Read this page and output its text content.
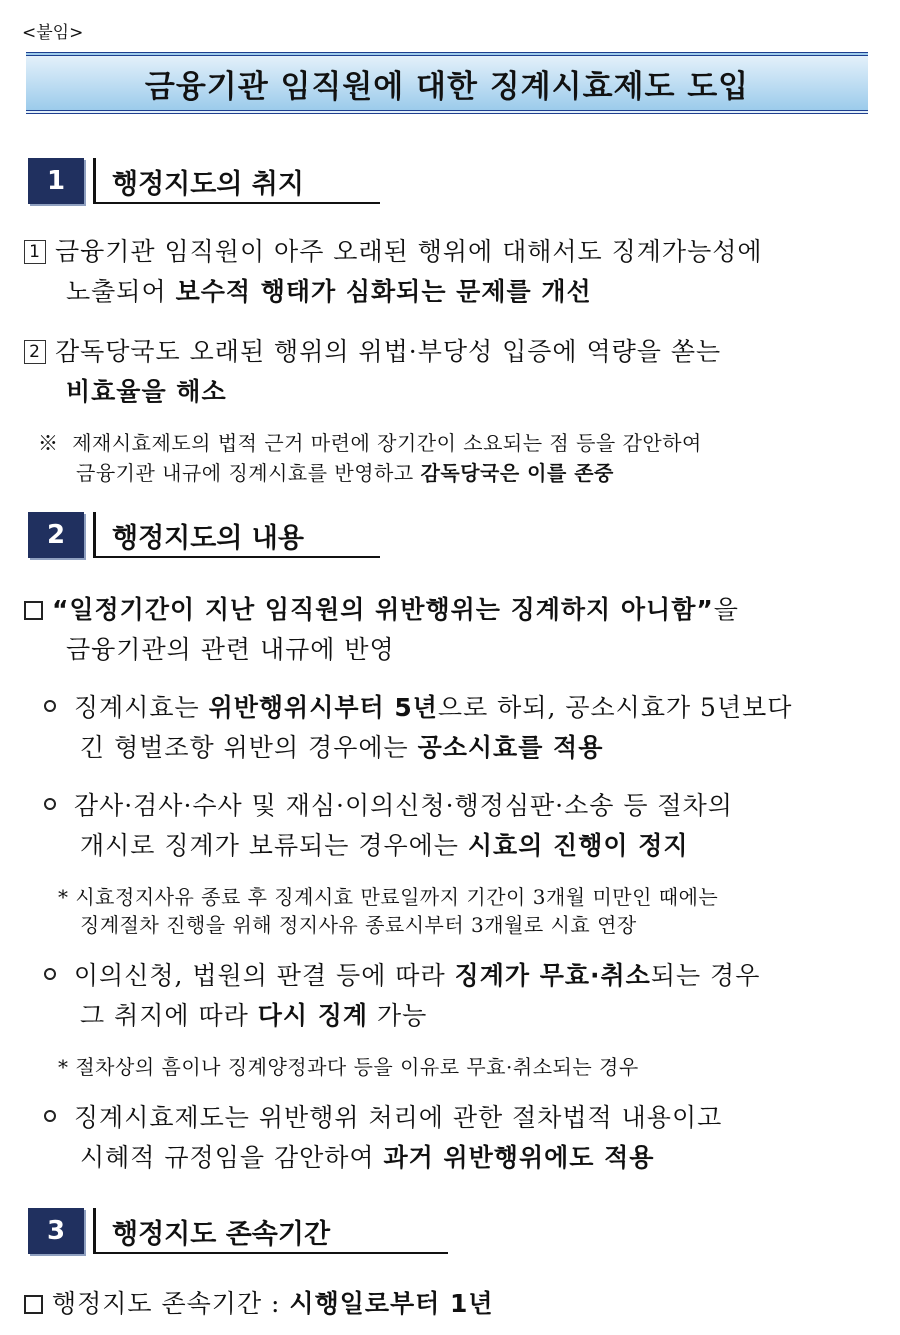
<붙임>
금융기관 임직원에 대한 징계시효제도 도입
1	행정지도의 취지
1 금융기관 임직원이 아주 오래된 행위에 대해서도 징계가능성에
노출되어 보수적 행태가 심화되는 문제를 개선
2 감독당국도 오래된 행위의 위법·부당성 입증에 역량을 쏟는
비효율을 해소
※ 제재시효제도의 법적 근거 마련에 장기간이 소요되는 점 등을 감안하여
금융기관 내규에 징계시효를 반영하고 감독당국은 이를 존중
2	행정지도의 내용
“일정기간이 지난 임직원의 위반행위는 징계하지 아니함”을
금융기관의 관련 내규에 반영
징계시효는 위반행위시부터 5년으로 하되, 공소시효가 5년보다
긴 형벌조항 위반의 경우에는 공소시효를 적용
감사·검사·수사 및 재심·이의신청·행정심판·소송 등 절차의
개시로 징계가 보류되는 경우에는 시효의 진행이 정지
* 시효정지사유 종료 후 징계시효 만료일까지 기간이 3개월 미만인 때에는
징계절차 진행을 위해 정지사유 종료시부터 3개월로 시효 연장
이의신청, 법원의 판결 등에 따라 징계가 무효·취소되는 경우
그 취지에 따라 다시 징계 가능
* 절차상의 흠이나 징계양정과다 등을 이유로 무효·취소되는 경우
징계시효제도는 위반행위 처리에 관한 절차법적 내용이고
시혜적 규정임을 감안하여 과거 위반행위에도 적용
3	행정지도 존속기간
행정지도 존속기간 : 시행일로부터 1년
